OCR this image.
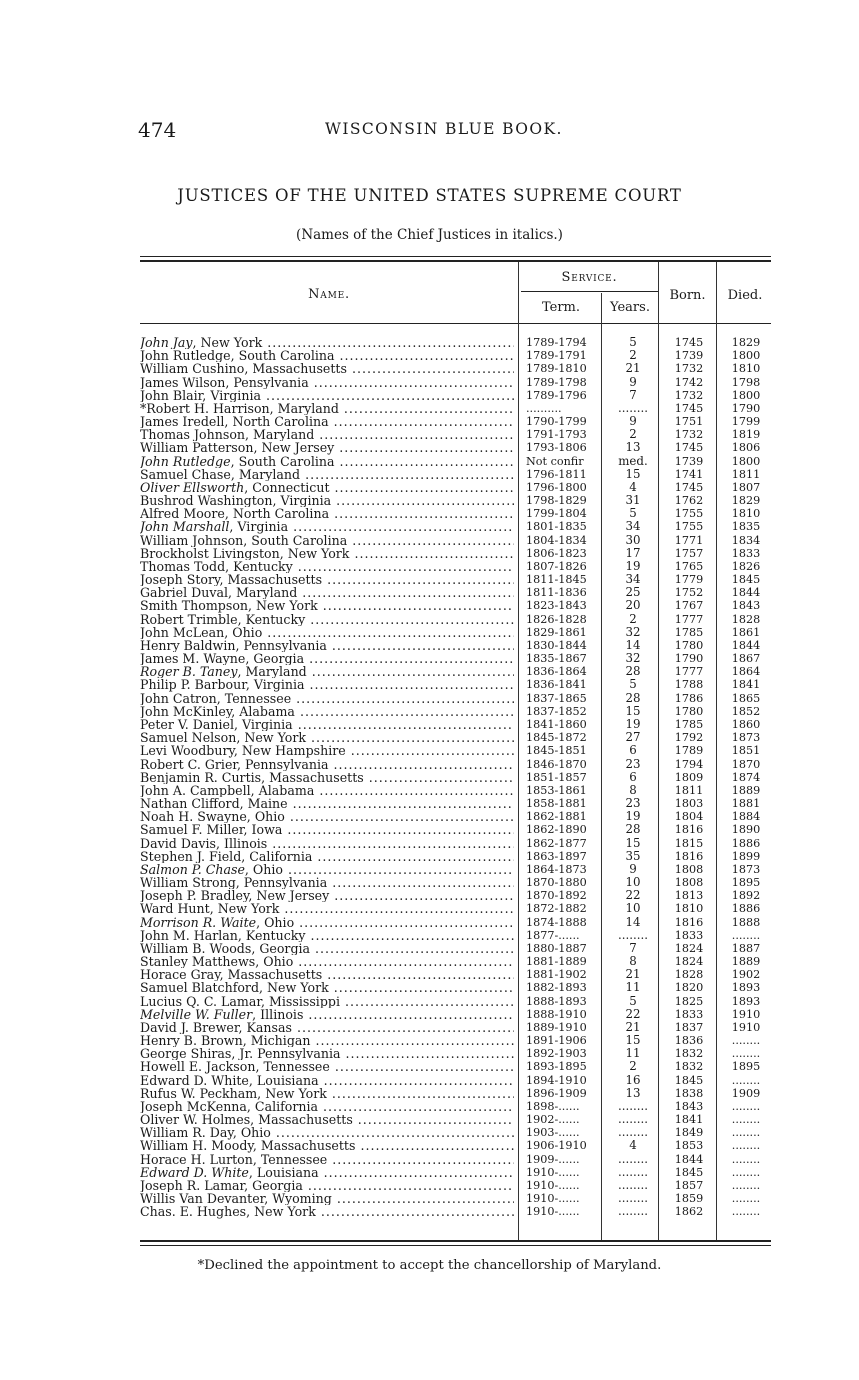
474	WISCONSIN BLUE BOOK.
JUSTICES OF THE UNITED STATES SUPREME COURT
(Names of the Chief Justices in italics.)
Name.
Service.
Term.	Years.
Born.	Died.
John Jay, New York .....	1789-1794	5	1745	1829
John Rutledge, South Carolina .....	1789-1791	2	1739	1800
William Cushino, Massachusetts .....	1789-1810	21	1732	1810
James Wilson, Pensylvania .....	1789-1798	9	1742	1798
John Blair, Virginia .....	1789-1796	7	1732	1800
*Robert H. Harrison, Maryland .....	..........	........	1745	1790
James Iredell, North Carolina .....	1790-1799	9	1751	1799
Thomas Johnson, Maryland .....	1791-1793	2	1732	1819
William Patterson, New Jersey .....	1793-1806	13	1745	1806
John Rutledge, South Carolina .....	Not confir	med.	1739	1800
Samuel Chase, Maryland .....	1796-1811	15	1741	1811
Oliver Ellsworth, Connecticut .....	1796-1800	4	1745	1807
Bushrod Washington, Virginia .....	1798-1829	31	1762	1829
Alfred Moore, North Carolina .....	1799-1804	5	1755	1810
John Marshall, Virginia .....	1801-1835	34	1755	1835
William Johnson, South Carolina .....	1804-1834	30	1771	1834
Brockholst Livingston, New York .....	1806-1823	17	1757	1833
Thomas Todd, Kentucky .....	1807-1826	19	1765	1826
Joseph Story, Massachusetts .....	1811-1845	34	1779	1845
Gabriel Duval, Maryland .....	1811-1836	25	1752	1844
Smith Thompson, New York .....	1823-1843	20	1767	1843
Robert Trimble, Kentucky .....	1826-1828	2	1777	1828
John McLean, Ohio .....	1829-1861	32	1785	1861
Henry Baldwin, Pennsylvania .....	1830-1844	14	1780	1844
James M. Wayne, Georgia .....	1835-1867	32	1790	1867
Roger B. Taney, Maryland .....	1836-1864	28	1777	1864
Philip P. Barbour, Virginia .....	1836-1841	5	1788	1841
John Catron, Tennessee .....	1837-1865	28	1786	1865
John McKinley, Alabama .....	1837-1852	15	1780	1852
Peter V. Daniel, Virginia .....	1841-1860	19	1785	1860
Samuel Nelson, New York .....	1845-1872	27	1792	1873
Levi Woodbury, New Hampshire .....	1845-1851	6	1789	1851
Robert C. Grier, Pennsylvania .....	1846-1870	23	1794	1870
Benjamin R. Curtis, Massachusetts .....	1851-1857	6	1809	1874
John A. Campbell, Alabama .....	1853-1861	8	1811	1889
Nathan Clifford, Maine .....	1858-1881	23	1803	1881
Noah H. Swayne, Ohio .....	1862-1881	19	1804	1884
Samuel F. Miller, Iowa .....	1862-1890	28	1816	1890
David Davis, Illinois .....	1862-1877	15	1815	1886
Stephen J. Field, California .....	1863-1897	35	1816	1899
Salmon P. Chase, Ohio .....	1864-1873	9	1808	1873
William Strong, Pennsylvania .....	1870-1880	10	1808	1895
Joseph P. Bradley, New Jersey .....	1870-1892	22	1813	1892
Ward Hunt, New York .....	1872-1882	10	1810	1886
Morrison R. Waite, Ohio .....	1874-1888	14	1816	1888
John M. Harlan, Kentucky .....	1877-......	........	1833	........
William B. Woods, Georgia .....	1880-1887	7	1824	1887
Stanley Matthews, Ohio .....	1881-1889	8	1824	1889
Horace Gray, Massachusetts .....	1881-1902	21	1828	1902
Samuel Blatchford, New York .....	1882-1893	11	1820	1893
Lucius Q. C. Lamar, Mississippi .....	1888-1893	5	1825	1893
Melville W. Fuller, Illinois .....	1888-1910	22	1833	1910
David J. Brewer, Kansas .....	1889-1910	21	1837	1910
Henry B. Brown, Michigan .....	1891-1906	15	1836	........
George Shiras, Jr. Pennsylvania .....	1892-1903	11	1832	........
Howell E. Jackson, Tennessee .....	1893-1895	2	1832	1895
Edward D. White, Louisiana .....	1894-1910	16	1845	........
Rufus W. Peckham, New York .....	1896-1909	13	1838	1909
Joseph McKenna, California .....	1898-......	........	1843	........
Oliver W. Holmes, Massachusetts .....	1902-......	........	1841	........
William R. Day, Ohio .....	1903-......	........	1849	........
William H. Moody, Massachusetts .....	1906-1910	4	1853	........
Horace H. Lurton, Tennessee .....	1909-......	........	1844	........
Edward D. White, Louisiana .....	1910-......	........	1845	........
Joseph R. Lamar, Georgia .....	1910-......	........	1857	........
Willis Van Devanter, Wyoming .....	1910-......	........	1859	........
Chas. E. Hughes, New York .....	1910-......	........	1862	........
*Declined the appointment to accept the chancellorship of Maryland.
